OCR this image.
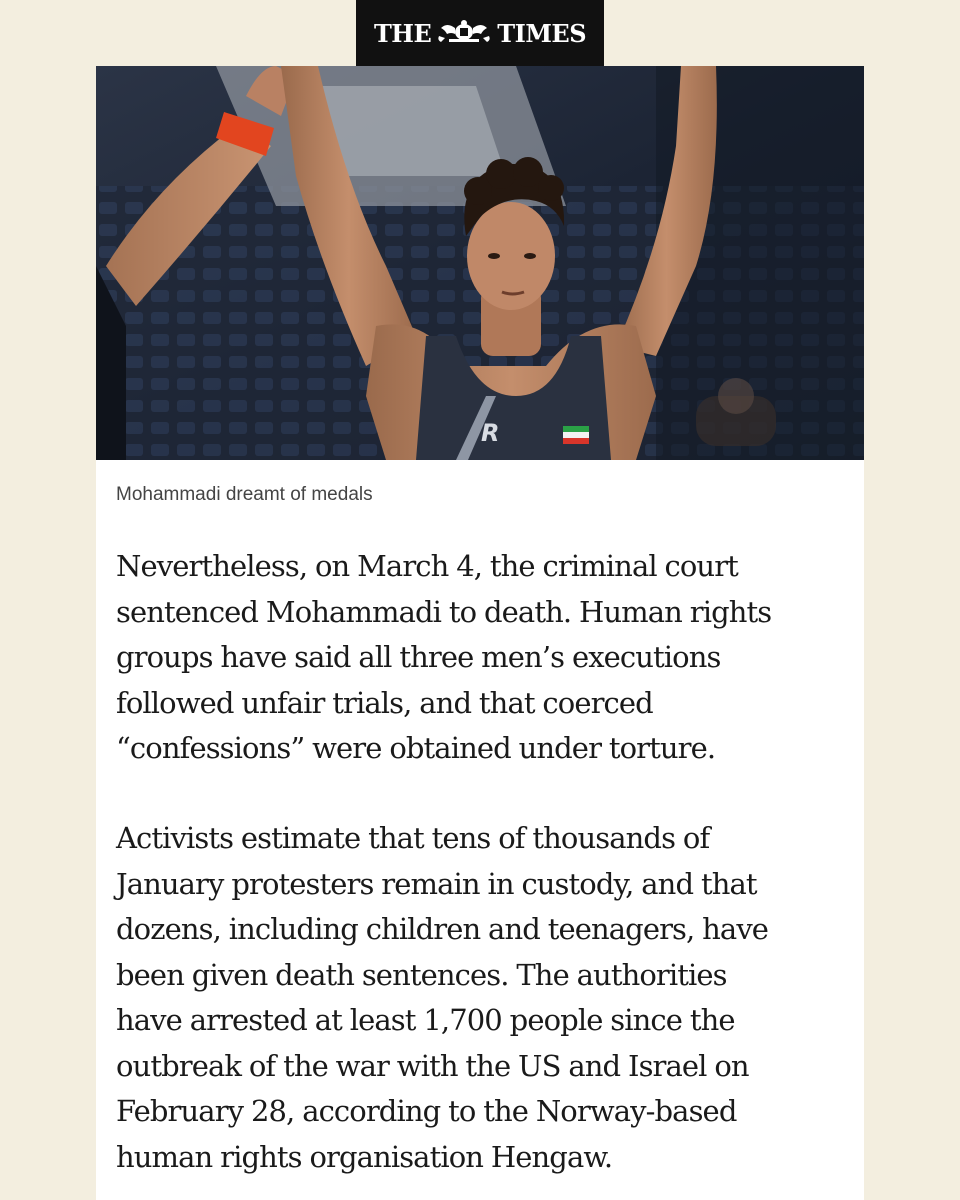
THE	TIMES
R
Mohammadi dreamt of medals

Nevertheless, on March 4, the criminal court
sentenced Mohammadi to death. Human rights
groups have said all three men’s executions
followed unfair trials, and that coerced
“confessions” were obtained under torture.

Activists estimate that tens of thousands of
January protesters remain in custody, and that
dozens, including children and teenagers, have
been given death sentences. The authorities
have arrested at least 1,700 people since the
outbreak of the war with the US and Israel on
February 28, according to the Norway-based
human rights organisation Hengaw.
